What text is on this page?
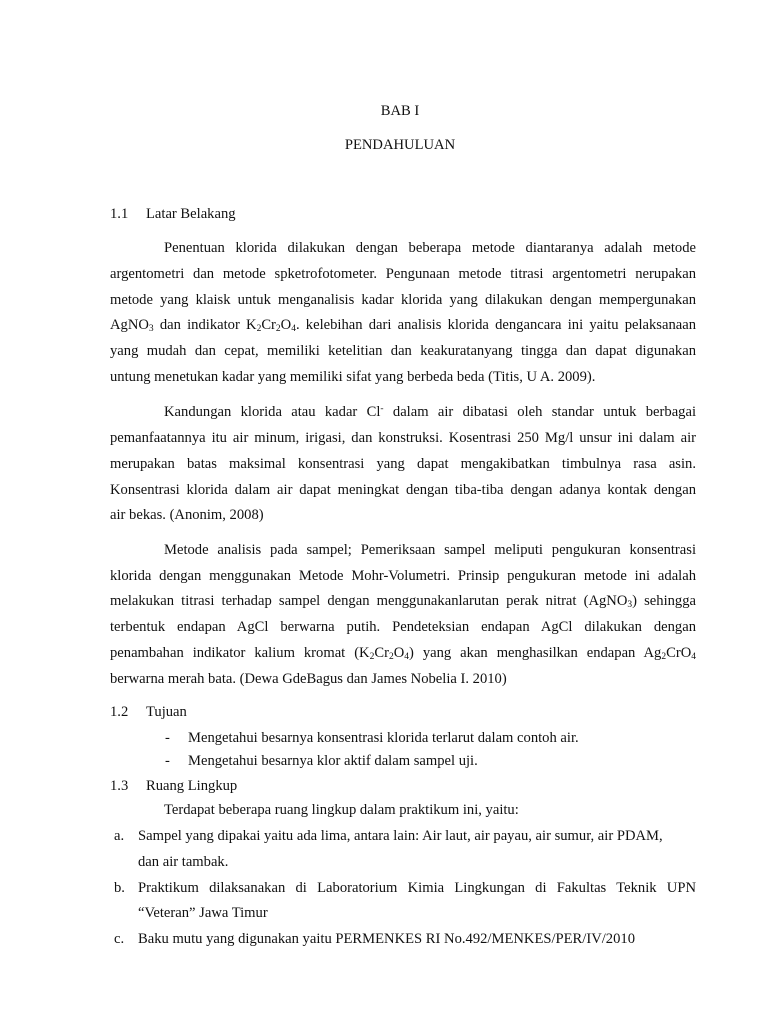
BAB I
PENDAHULUAN
1.1 Latar Belakang
Penentuan klorida dilakukan dengan beberapa metode diantaranya adalah metode
argentometri dan metode spketrofotometer. Pengunaan metode titrasi argentometri nerupakan
metode yang klaisk untuk menganalisis kadar klorida yang dilakukan dengan mempergunakan
AgNO$_3$ dan indikator $K_2Cr_2O_4$. kelebihan dari analisis klorida dengancara ini yaitu pelaksanaan
yang mudah dan cepat, memiliki ketelitian dan keakuratanyang tingga dan dapat digunakan
untung menetukan kadar yang memiliki sifat yang berbeda beda (Titis, U A. 2009).
Kandungan klorida atau kadar Cl- dalam air dibatasi oleh standar untuk berbagai
pemanfaatannya itu air minum, irigasi, dan konstruksi. Kosentrasi 250 Mg/l unsur ini dalam air
merupakan batas maksimal konsentrasi yang dapat mengakibatkan timbulnya rasa asin.
Konsentrasi klorida dalam air dapat meningkat dengan tiba-tiba dengan adanya kontak dengan
air bekas. (Anonim, 2008)
Metode analisis pada sampel; Pemeriksaan sampel meliputi pengukuran konsentrasi
klorida dengan menggunakan Metode Mohr-Volumetri. Prinsip pengukuran metode ini adalah
melakukan titrasi terhadap sampel dengan menggunakanlarutan perak nitrat (AgNO$_3$) sehingga
terbentuk endapan AgCl berwarna putih. Pendeteksian endapan AgCl dilakukan dengan
penambahan indikator kalium kromat $(K_2Cr_2O_4)$ yang akan menghasilkan endapan $Ag_2CrO_4$
berwarna merah bata. (Dewa GdeBagus dan James Nobelia I. 2010)
1.2 Tujuan
- Mengetahui besarnya konsentrasi klorida terlarut dalam contoh air.
- Mengetahui besarnya klor aktif dalam sampel uji.
1.3 Ruang Lingkup
Terdapat beberapa ruang lingkup dalam praktikum ini, yaitu:
a. Sampel yang dipakai yaitu ada lima, antara lain: Air laut, air payau, air sumur, air PDAM,
dan air tambak.
b. Praktikum dilaksanakan di Laboratorium Kimia Lingkungan di Fakultas Teknik UPN
“Veteran” Jawa Timur
c. Baku mutu yang digunakan yaitu PERMENKES RI No.492/MENKES/PER/IV/2010
